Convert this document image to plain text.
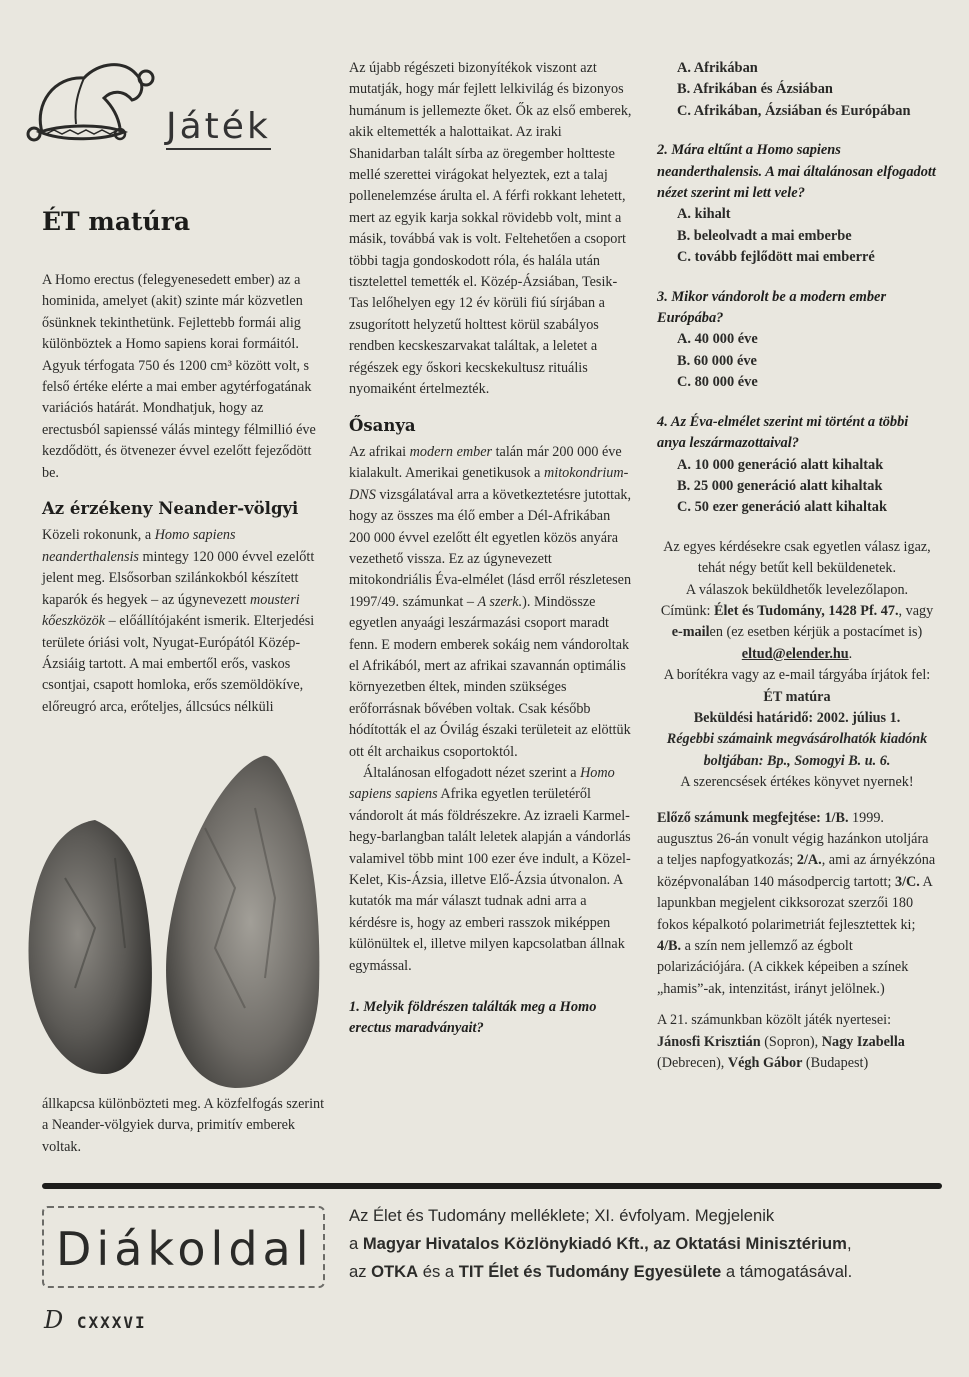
Játék
ÉT matúra

A Homo erectus (felegyenesedett ember) az a hominida, amelyet (akit) szinte már közvetlen ősünknek tekinthetünk. Fejlettebb formái alig különböztek a Homo sapiens korai formáitól. Agyuk térfogata 750 és 1200 cm³ között volt, s felső értéke elérte a mai ember agytérfogatának variációs határát. Mondhatjuk, hogy az erectusból sapienssé válás mintegy félmillió éve kezdődött, és ötvenezer évvel ezelőtt fejeződött be.

Az érzékeny Neander-völgyi

Közeli rokonunk, a Homo sapiens neanderthalensis mintegy 120 000 évvel ezelőtt jelent meg. Elsősorban szilánkokból készített kaparók és hegyek – az úgynevezett mousteri kőeszközök – előállítójaként ismerik. Elterjedési területe óriási volt, Nyugat-Európától Közép-Ázsiáig tartott. A mai embertől erős, vaskos csontjai, csapott homloka, erős szemöldökíve, előreugró arca, erőteljes, állcsúcs nélküli

állkapcsa különbözteti meg. A közfelfogás szerint a Neander-völgyiek durva, primitív emberek voltak.

Az újabb régészeti bizonyítékok viszont azt mutatják, hogy már fejlett lelkivilág és bizonyos humánum is jellemezte őket. Ők az első emberek, akik eltemették a halottaikat. Az iraki Shanidarban talált sírba az öregember holtteste mellé szerettei virágokat helyeztek, ezt a talaj pollenelemzése árulta el. A férfi rokkant lehetett, mert az egyik karja sokkal rövidebb volt, mint a másik, továbbá vak is volt. Feltehetően a csoport többi tagja gondoskodott róla, és halála után tisztelettel temették el. Közép-Ázsiában, Tesik-Tas lelőhelyen egy 12 év körüli fiú sírjában a zsugorított helyzetű holttest körül szabályos rendben kecskeszarvakat találtak, a leletet a régészek egy őskori kecskekultusz rituális nyomaiként értelmezték.

Ősanya

Az afrikai modern ember talán már 200 000 éve kialakult. Amerikai genetikusok a mitokondrium-DNS vizsgálatával arra a következtetésre jutottak, hogy az összes ma élő ember a Dél-Afrikában 200 000 évvel ezelőtt élt egyetlen közös anyára vezethető vissza. Ez az úgynevezett mitokondriális Éva-elmélet (lásd erről részletesen 1997/49. számunkat – A szerk.). Mindössze egyetlen anyaági leszármazási csoport maradt fenn. E modern emberek sokáig nem vándoroltak el Afrikából, mert az afrikai szavannán optimális környezetben éltek, minden szükséges erőforrásnak bővében voltak. Csak később hódították el az Óvilág északi területeit az elöttük ott élt archaikus csoportoktól.

Általánosan elfogadott nézet szerint a Homo sapiens sapiens Afrika egyetlen területéről vándorolt át más földrészekre. Az izraeli Karmel-hegy-barlangban talált leletek alapján a vándorlás valamivel több mint 100 ezer éve indult, a Közel-Kelet, Kis-Ázsia, illetve Elő-Ázsia útvonalon. A kutatók ma már választ tudnak adni arra a kérdésre is, hogy az emberi rasszok miképpen különültek el, illetve milyen kapcsolatban állnak egymással.

1. Melyik földrészen találták meg a Homo erectus maradványait?

A. Afrikában

B. Afrikában és Ázsiában

C. Afrikában, Ázsiában és Európában

2. Mára eltűnt a Homo sapiens neanderthalensis. A mai általánosan elfogadott nézet szerint mi lett vele?

A. kihalt

B. beleolvadt a mai emberbe

C. tovább fejlődött mai emberré

3. Mikor vándorolt be a modern ember Európába?

A. 40 000 éve

B. 60 000 éve

C. 80 000 éve

4. Az Éva-elmélet szerint mi történt a többi anya leszármazottaival?

A. 10 000 generáció alatt kihaltak

B. 25 000 generáció alatt kihaltak

C. 50 ezer generáció alatt kihaltak

Az egyes kérdésekre csak egyetlen válasz igaz, tehát négy betűt kell beküldenetek.

A válaszok beküldhetők levelezőlapon.

Címünk: Élet és Tudomány, 1428 Pf. 47., vagy e-mailen (ez esetben kérjük a postacímet is) eltud@elender.hu.

A borítékra vagy az e-mail tárgyába írjátok fel: ÉT matúra

Beküldési határidő: 2002. július 1.

Régebbi számaink megvásárolhatók kiadónk boltjában: Bp., Somogyi B. u. 6.

A szerencsések értékes könyvet nyernek!

Előző számunk megfejtése: 1/B. 1999. augusztus 26-án vonult végig hazánkon utoljára a teljes napfogyatkozás; 2/A., ami az árnyékzóna középvonalában 140 másodpercig tartott; 3/C. A lapunkban megjelent cikksorozat szerzői 180 fokos képalkotó polarimetriát fejlesztettek ki; 4/B. a szín nem jellemző az égbolt polarizációjára. (A cikkek képeiben a színek „hamis”-ak, intenzitást, irányt jelölnek.)

A 21. számunkban közölt játék nyertesei: Jánosfi Krisztián (Sopron), Nagy Izabella (Debrecen), Végh Gábor (Budapest)

Diákoldal
Az Élet és Tudomány melléklete; XI. évfolyam. Megjelenik
a Magyar Hivatalos Közlönykiadó Kft., az Oktatási Minisztérium,
az OTKA és a TIT Élet és Tudomány Egyesülete a támogatásával.
D CXXXVI
